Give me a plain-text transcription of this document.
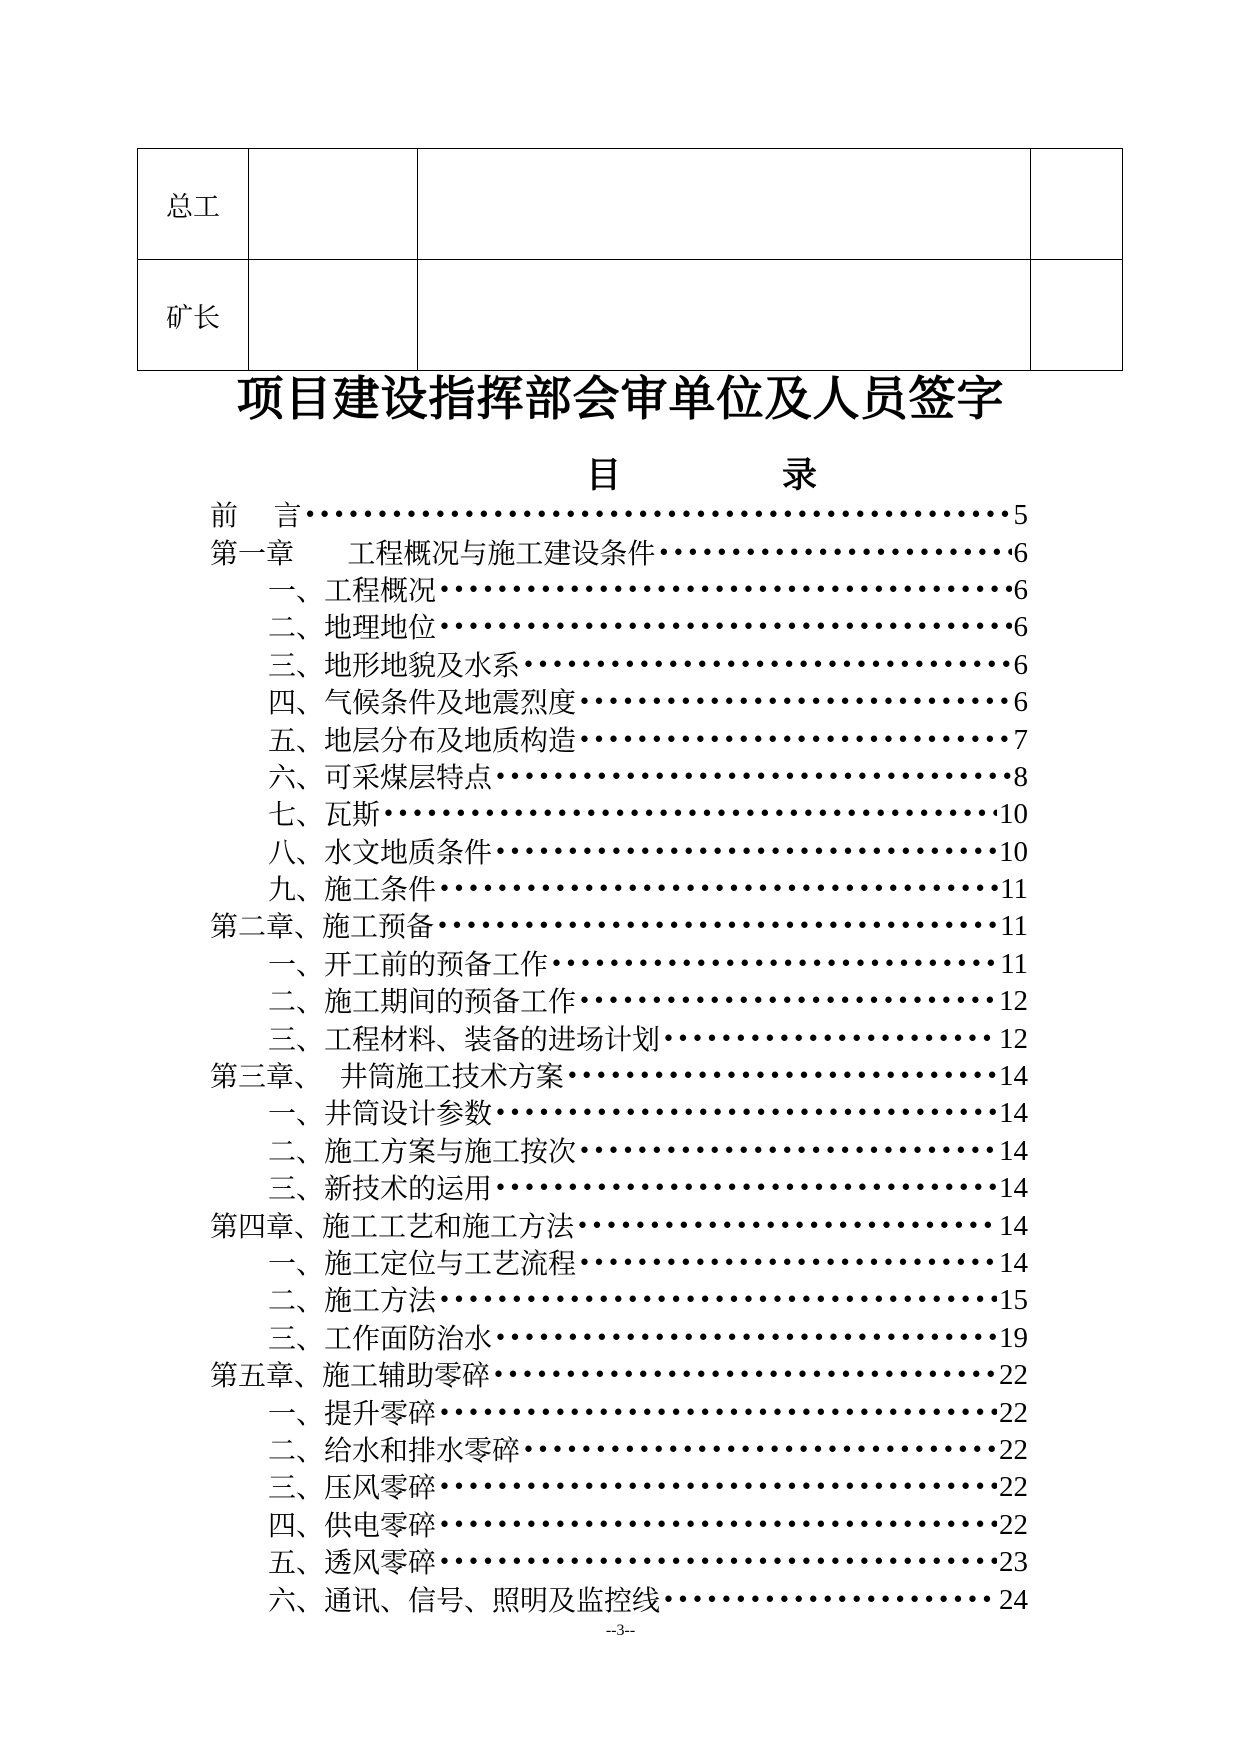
总工			
矿长			
项目建设指挥部会审单位及人员签字
目	录
前    言 •••••	5
第一章      工程概况与施工建设条件 •••••	6
一、工程概况 •••••	6
二、地理地位 •••••	6
三、地形地貌及水系 •••••	6
四、气候条件及地震烈度 •••••	6
五、地层分布及地质构造 •••••	7
六、可采煤层特点 •••••	8
七、瓦斯 •••••	10
八、水文地质条件 •••••	10
九、施工条件 •••••	11
第二章、施工预备 •••••	11
一、开工前的预备工作 •••••	11
二、施工期间的预备工作 •••••	12
三、工程材料、装备的进场计划 •••••	12
第三章、  井筒施工技术方案 •••••	14
一、井筒设计参数 •••••	14
二、施工方案与施工按次 •••••	14
三、新技术的运用 •••••	14
第四章、施工工艺和施工方法 •••••	14
一、施工定位与工艺流程 •••••	14
二、施工方法 •••••	15
三、工作面防治水 •••••	19
第五章、施工辅助零碎 •••••	22
一、提升零碎 •••••	22
二、给水和排水零碎 •••••	22
三、压风零碎 •••••	22
四、供电零碎 •••••	22
五、透风零碎 •••••	23
六、通讯、信号、照明及监控线 •••••	24
--3--
